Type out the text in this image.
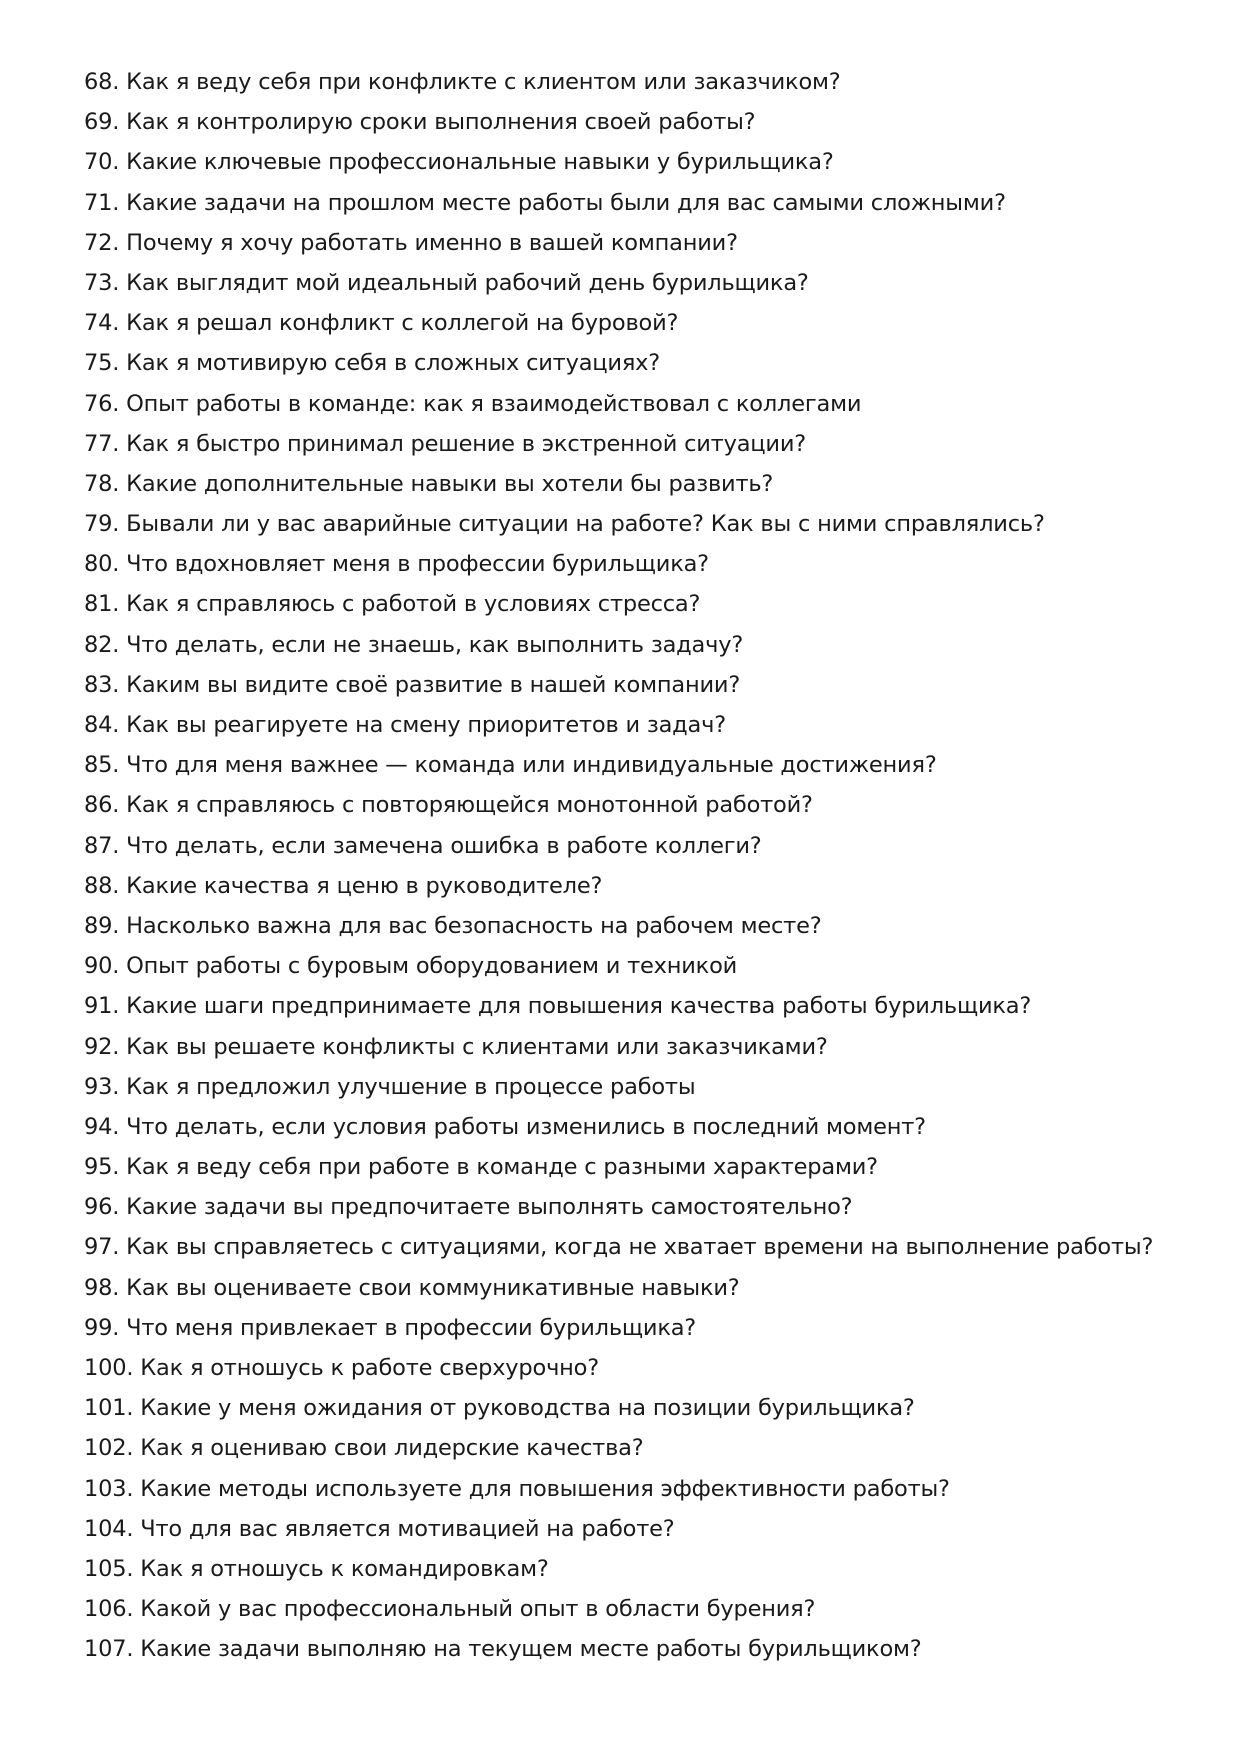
68. Как я веду себя при конфликте с клиентом или заказчиком?
69. Как я контролирую сроки выполнения своей работы?
70. Какие ключевые профессиональные навыки у бурильщика?
71. Какие задачи на прошлом месте работы были для вас самыми сложными?
72. Почему я хочу работать именно в вашей компании?
73. Как выглядит мой идеальный рабочий день бурильщика?
74. Как я решал конфликт с коллегой на буровой?
75. Как я мотивирую себя в сложных ситуациях?
76. Опыт работы в команде: как я взаимодействовал с коллегами
77. Как я быстро принимал решение в экстренной ситуации?
78. Какие дополнительные навыки вы хотели бы развить?
79. Бывали ли у вас аварийные ситуации на работе? Как вы с ними справлялись?
80. Что вдохновляет меня в профессии бурильщика?
81. Как я справляюсь с работой в условиях стресса?
82. Что делать, если не знаешь, как выполнить задачу?
83. Каким вы видите своё развитие в нашей компании?
84. Как вы реагируете на смену приоритетов и задач?
85. Что для меня важнее — команда или индивидуальные достижения?
86. Как я справляюсь с повторяющейся монотонной работой?
87. Что делать, если замечена ошибка в работе коллеги?
88. Какие качества я ценю в руководителе?
89. Насколько важна для вас безопасность на рабочем месте?
90. Опыт работы с буровым оборудованием и техникой
91. Какие шаги предпринимаете для повышения качества работы бурильщика?
92. Как вы решаете конфликты с клиентами или заказчиками?
93. Как я предложил улучшение в процессе работы
94. Что делать, если условия работы изменились в последний момент?
95. Как я веду себя при работе в команде с разными характерами?
96. Какие задачи вы предпочитаете выполнять самостоятельно?
97. Как вы справляетесь с ситуациями, когда не хватает времени на выполнение работы?
98. Как вы оцениваете свои коммуникативные навыки?
99. Что меня привлекает в профессии бурильщика?
100. Как я отношусь к работе сверхурочно?
101. Какие у меня ожидания от руководства на позиции бурильщика?
102. Как я оцениваю свои лидерские качества?
103. Какие методы используете для повышения эффективности работы?
104. Что для вас является мотивацией на работе?
105. Как я отношусь к командировкам?
106. Какой у вас профессиональный опыт в области бурения?
107. Какие задачи выполняю на текущем месте работы бурильщиком?
